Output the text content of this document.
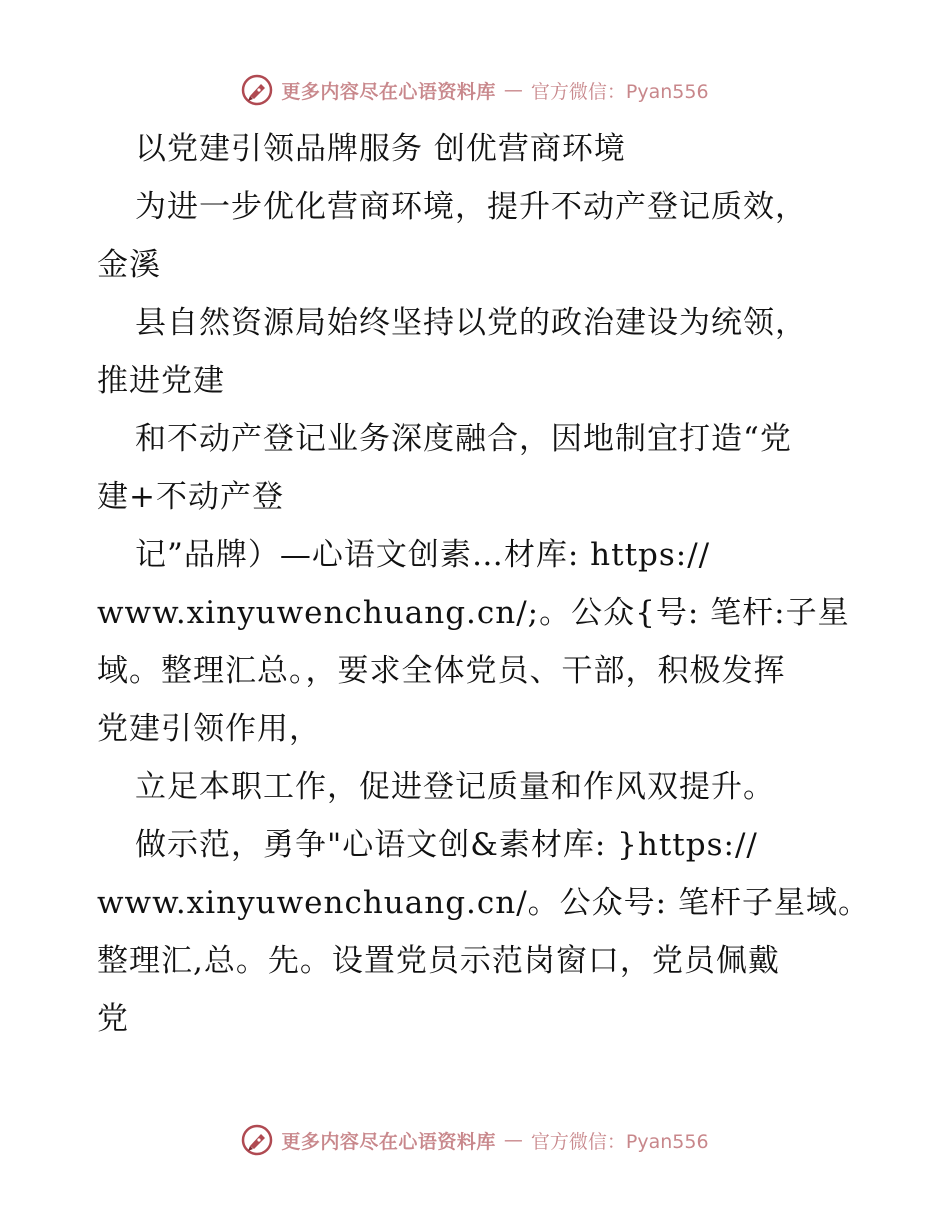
更多内容尽在心语资料库 — 官方微信：Pyan556
以党建引领品牌服务 创优营商环境
为进一步优化营商环境，提升不动产登记质效，
金溪
县自然资源局始终坚持以党的政治建设为统领，
推进党建
和不动产登记业务深度融合，因地制宜打造“党
建+不动产登
记”品牌）—心语文创素…材库: https://
www.xinyuwenchuang.cn/;。公众{号: 笔杆:子星
域。整理汇总。，要求全体党员、干部，积极发挥
党建引领作用，
立足本职工作，促进登记质量和作风双提升。
做示范，勇争"心语文创&素材库: }https://
www.xinyuwenchuang.cn/。公众号: 笔杆子星域。
整理汇,总。先。设置党员示范岗窗口，党员佩戴
党
更多内容尽在心语资料库 — 官方微信：Pyan556
